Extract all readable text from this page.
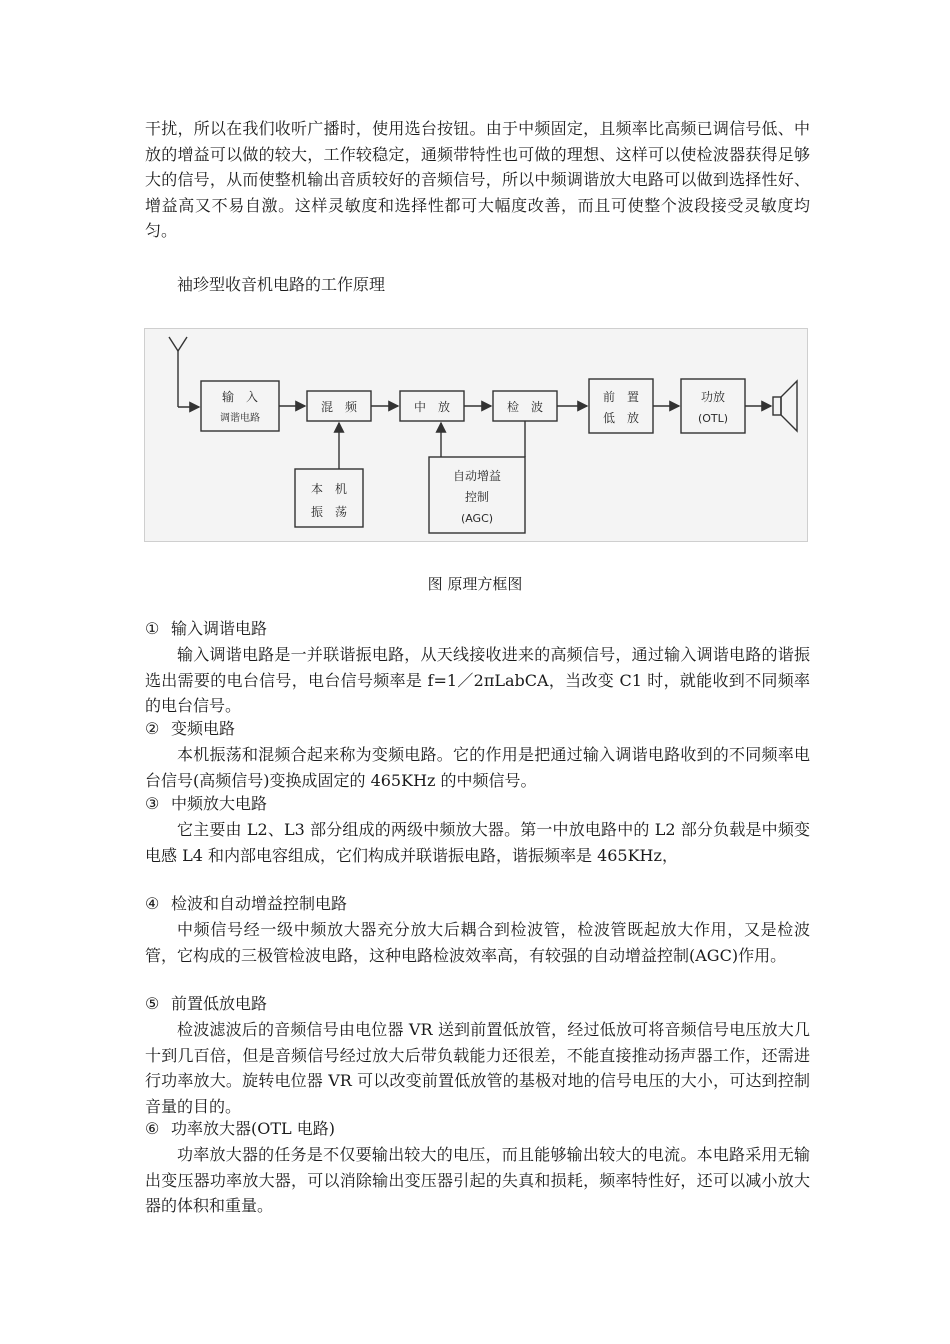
干扰，所以在我们收听广播时，使用选台按钮。由于中频固定，且频率比高频已调信号低、中放的增益可以做的较大，工作较稳定，通频带特性也可做的理想、这样可以使检波器获得足够大的信号，从而使整机输出音质较好的音频信号，所以中频调谐放大电路可以做到选择性好、增益高又不易自激。这样灵敏度和选择性都可大幅度改善，而且可使整个波段接受灵敏度均匀。

袖珍型收音机电路的工作原理

输　入
调谐电路
混　频	中　放	检　波
前　置
低　放
功放
(OTL)
本　机
振　荡
自动增益
控制
(AGC)

图 原理方框图

① 输入调谐电路

输入调谐电路是一并联谐振电路，从天线接收进来的高频信号，通过输入调谐电路的谐振选出需要的电台信号，电台信号频率是 f=1／2πLabCA，当改变 C1 时，就能收到不同频率的电台信号。

② 变频电路

本机振荡和混频合起来称为变频电路。它的作用是把通过输入调谐电路收到的不同频率电台信号(高频信号)变换成固定的 465KHz 的中频信号。

③ 中频放大电路

它主要由 L2、L3 部分组成的两级中频放大器。第一中放电路中的 L2 部分负载是中频变电感 L4 和内部电容组成，它们构成并联谐振电路，谐振频率是 465KHz，

④ 检波和自动增益控制电路

中频信号经一级中频放大器充分放大后耦合到检波管，检波管既起放大作用，又是检波管，它构成的三极管检波电路，这种电路检波效率高，有较强的自动增益控制(AGC)作用。

⑤ 前置低放电路

检波滤波后的音频信号由电位器 VR 送到前置低放管，经过低放可将音频信号电压放大几十到几百倍，但是音频信号经过放大后带负载能力还很差，不能直接推动扬声器工作，还需进行功率放大。旋转电位器 VR 可以改变前置低放管的基极对地的信号电压的大小，可达到控制音量的目的。

⑥ 功率放大器(OTL 电路)

功率放大器的任务是不仅要输出较大的电压，而且能够输出较大的电流。本电路采用无输出变压器功率放大器，可以消除输出变压器引起的失真和损耗，频率特性好，还可以减小放大器的体积和重量。
